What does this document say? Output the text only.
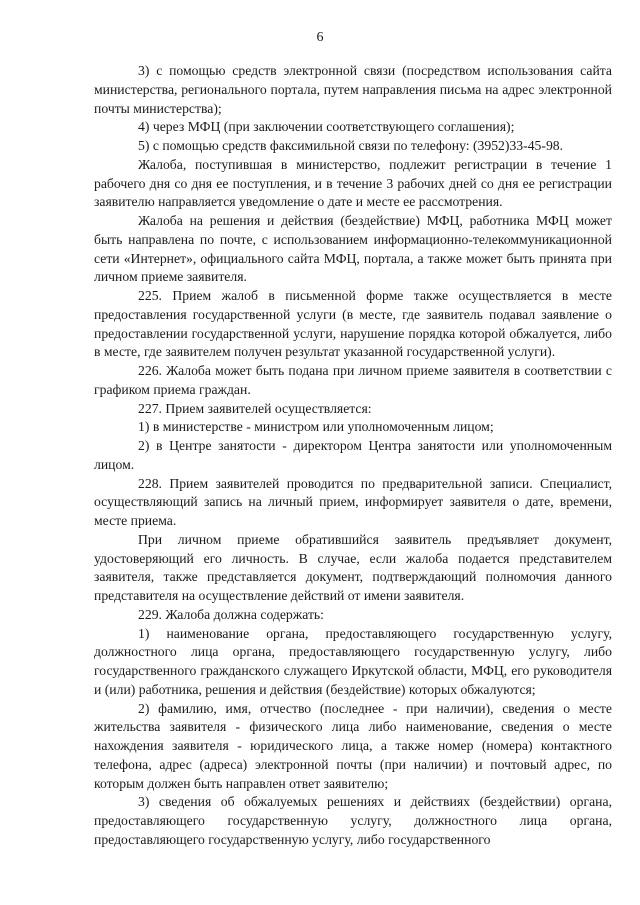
6

3) с помощью средств электронной связи (посредством использования сайта министерства, регионального портала, путем направления письма на адрес электронной почты министерства);

4) через МФЦ (при заключении соответствующего соглашения);

5) с помощью средств факсимильной связи по телефону: (3952)33-45-98.

Жалоба, поступившая в министерство, подлежит регистрации в течение 1 рабочего дня со дня ее поступления, и в течение 3 рабочих дней со дня ее регистрации заявителю направляется уведомление о дате и месте ее рассмотрения.

Жалоба на решения и действия (бездействие) МФЦ, работника МФЦ может быть направлена по почте, с использованием информационно-телекоммуникационной сети «Интернет», официального сайта МФЦ, портала, а также может быть принята при личном приеме заявителя.

225. Прием жалоб в письменной форме также осуществляется в месте предоставления государственной услуги (в месте, где заявитель подавал заявление о предоставлении государственной услуги, нарушение порядка которой обжалуется, либо в месте, где заявителем получен результат указанной государственной услуги).

226. Жалоба может быть подана при личном приеме заявителя в соответствии с графиком приема граждан.

227. Прием заявителей осуществляется:

1) в министерстве - министром или уполномоченным лицом;

2) в Центре занятости - директором Центра занятости или уполномоченным лицом.

228. Прием заявителей проводится по предварительной записи. Специалист, осуществляющий запись на личный прием, информирует заявителя о дате, времени, месте приема.

При личном приеме обратившийся заявитель предъявляет документ, удостоверяющий его личность. В случае, если жалоба подается представителем заявителя, также представляется документ, подтверждающий полномочия данного представителя на осуществление действий от имени заявителя.

229. Жалоба должна содержать:

1) наименование органа, предоставляющего государственную услугу, должностного лица органа, предоставляющего государственную услугу, либо государственного гражданского служащего Иркутской области, МФЦ, его руководителя и (или) работника, решения и действия (бездействие) которых обжалуются;

2) фамилию, имя, отчество (последнее - при наличии), сведения о месте жительства заявителя - физического лица либо наименование, сведения о месте нахождения заявителя - юридического лица, а также номер (номера) контактного телефона, адрес (адреса) электронной почты (при наличии) и почтовый адрес, по которым должен быть направлен ответ заявителю;

3) сведения об обжалуемых решениях и действиях (бездействии) органа, предоставляющего государственную услугу, должностного лица органа, предоставляющего государственную услугу, либо государственного
